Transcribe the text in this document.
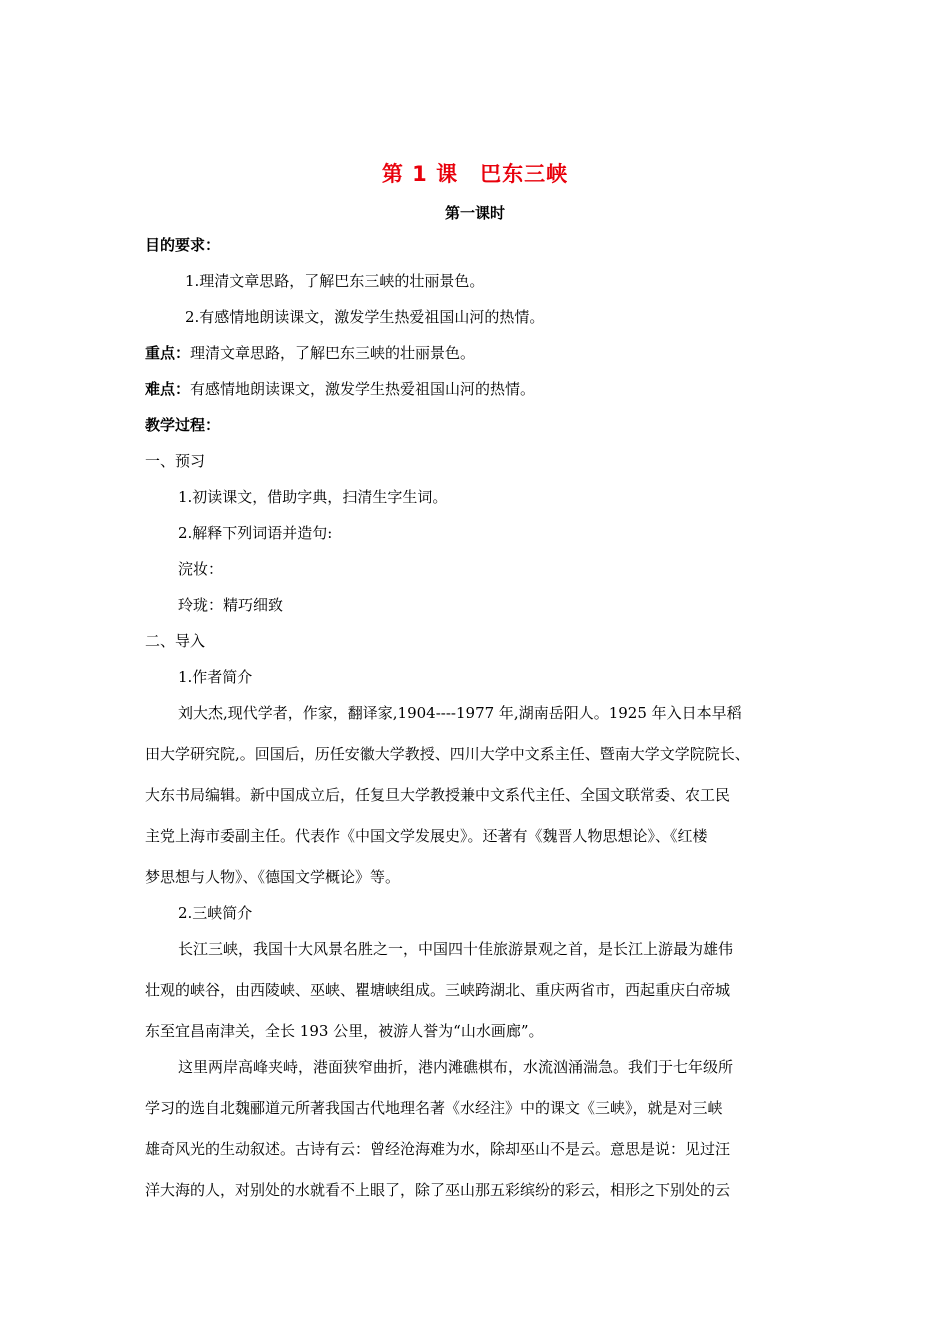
第 1 课　巴东三峡
第一课时
目的要求：
1.理清文章思路，了解巴东三峡的壮丽景色。
2.有感情地朗读课文，激发学生热爱祖国山河的热情。
重点：理清文章思路，了解巴东三峡的壮丽景色。
难点：有感情地朗读课文，激发学生热爱祖国山河的热情。
教学过程：
一、预习
1.初读课文，借助字典，扫清生字生词。
2.解释下列词语并造句:
浣妆：
玲珑：精巧细致
二、导入
1.作者简介
刘大杰,现代学者，作家，翻译家,1904----1977 年,湖南岳阳人。1925 年入日本早稻
田大学研究院,。回国后，历任安徽大学教授、四川大学中文系主任、暨南大学文学院院长、
大东书局编辑。新中国成立后，任复旦大学教授兼中文系代主任、全国文联常委、农工民
主党上海市委副主任。代表作《中国文学发展史》。还著有《魏晋人物思想论》、《红楼
梦思想与人物》、《德国文学概论》等。
2.三峡简介
长江三峡，我国十大风景名胜之一，中国四十佳旅游景观之首，是长江上游最为雄伟
壮观的峡谷，由西陵峡、巫峡、瞿塘峡组成。三峡跨湖北、重庆两省市，西起重庆白帝城
东至宜昌南津关，全长 193 公里，被游人誉为“山水画廊”。
这里两岸高峰夹峙，港面狭窄曲折，港内滩礁棋布，水流汹涌湍急。我们于七年级所
学习的选自北魏郦道元所著我国古代地理名著《水经注》中的课文《三峡》，就是对三峡
雄奇风光的生动叙述。古诗有云：曾经沧海难为水，除却巫山不是云。意思是说：见过汪
洋大海的人，对别处的水就看不上眼了，除了巫山那五彩缤纷的彩云，相形之下别处的云
